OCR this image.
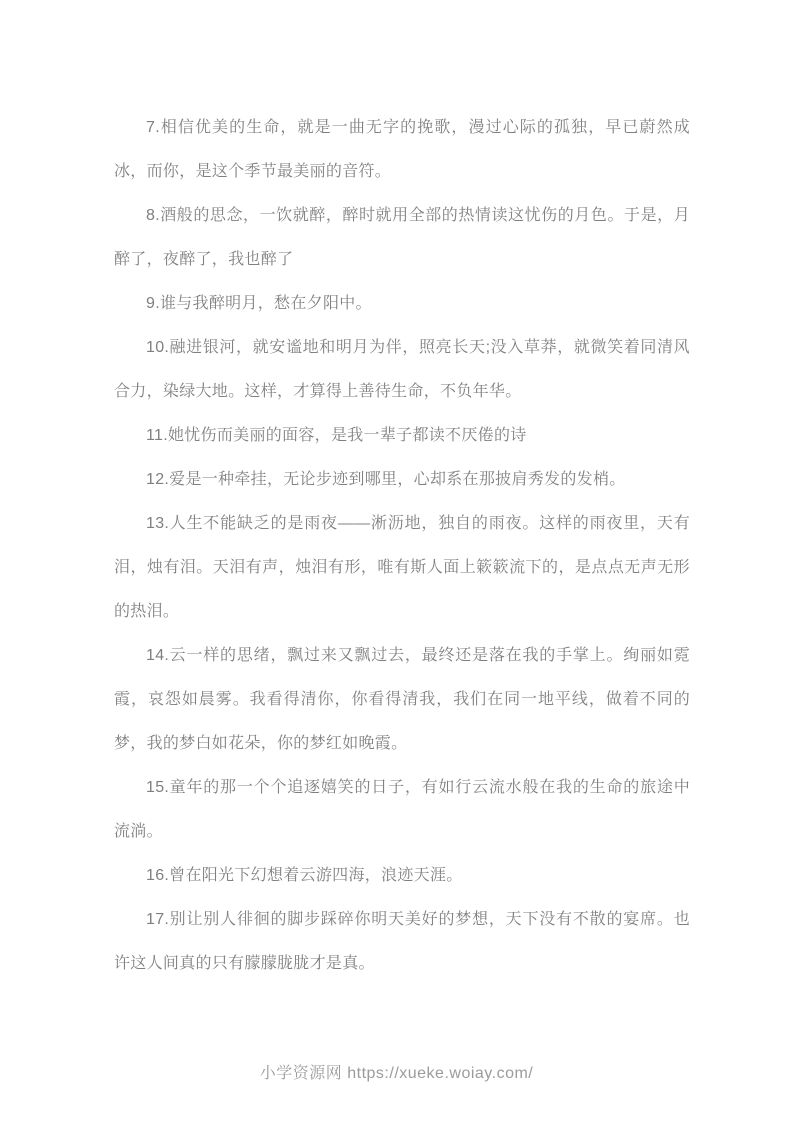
7.相信优美的生命，就是一曲无字的挽歌，漫过心际的孤独，早已蔚然成冰，而你，是这个季节最美丽的音符。

8.酒般的思念，一饮就醉，醉时就用全部的热情读这忧伤的月色。于是，月醉了，夜醉了，我也醉了

9.谁与我醉明月，愁在夕阳中。

10.融进银河，就安谧地和明月为伴，照亮长天;没入草莽，就微笑着同清风合力，染绿大地。这样，才算得上善待生命，不负年华。

11.她忧伤而美丽的面容，是我一辈子都读不厌倦的诗

12.爱是一种牵挂，无论步迹到哪里，心却系在那披肩秀发的发梢。

13.人生不能缺乏的是雨夜——淅沥地，独自的雨夜。这样的雨夜里，天有泪，烛有泪。天泪有声，烛泪有形，唯有斯人面上簌簌流下的，是点点无声无形的热泪。

14.云一样的思绪，飘过来又飘过去，最终还是落在我的手掌上。绚丽如霓霞，哀怨如晨雾。我看得清你，你看得清我，我们在同一地平线，做着不同的梦，我的梦白如花朵，你的梦红如晚霞。

15.童年的那一个个追逐嬉笑的日子，有如行云流水般在我的生命的旅途中流淌。

16.曾在阳光下幻想着云游四海，浪迹天涯。

17.别让别人徘徊的脚步踩碎你明天美好的梦想，天下没有不散的宴席。也许这人间真的只有朦朦胧胧才是真。

小学资源网 https://xueke.woiay.com/
